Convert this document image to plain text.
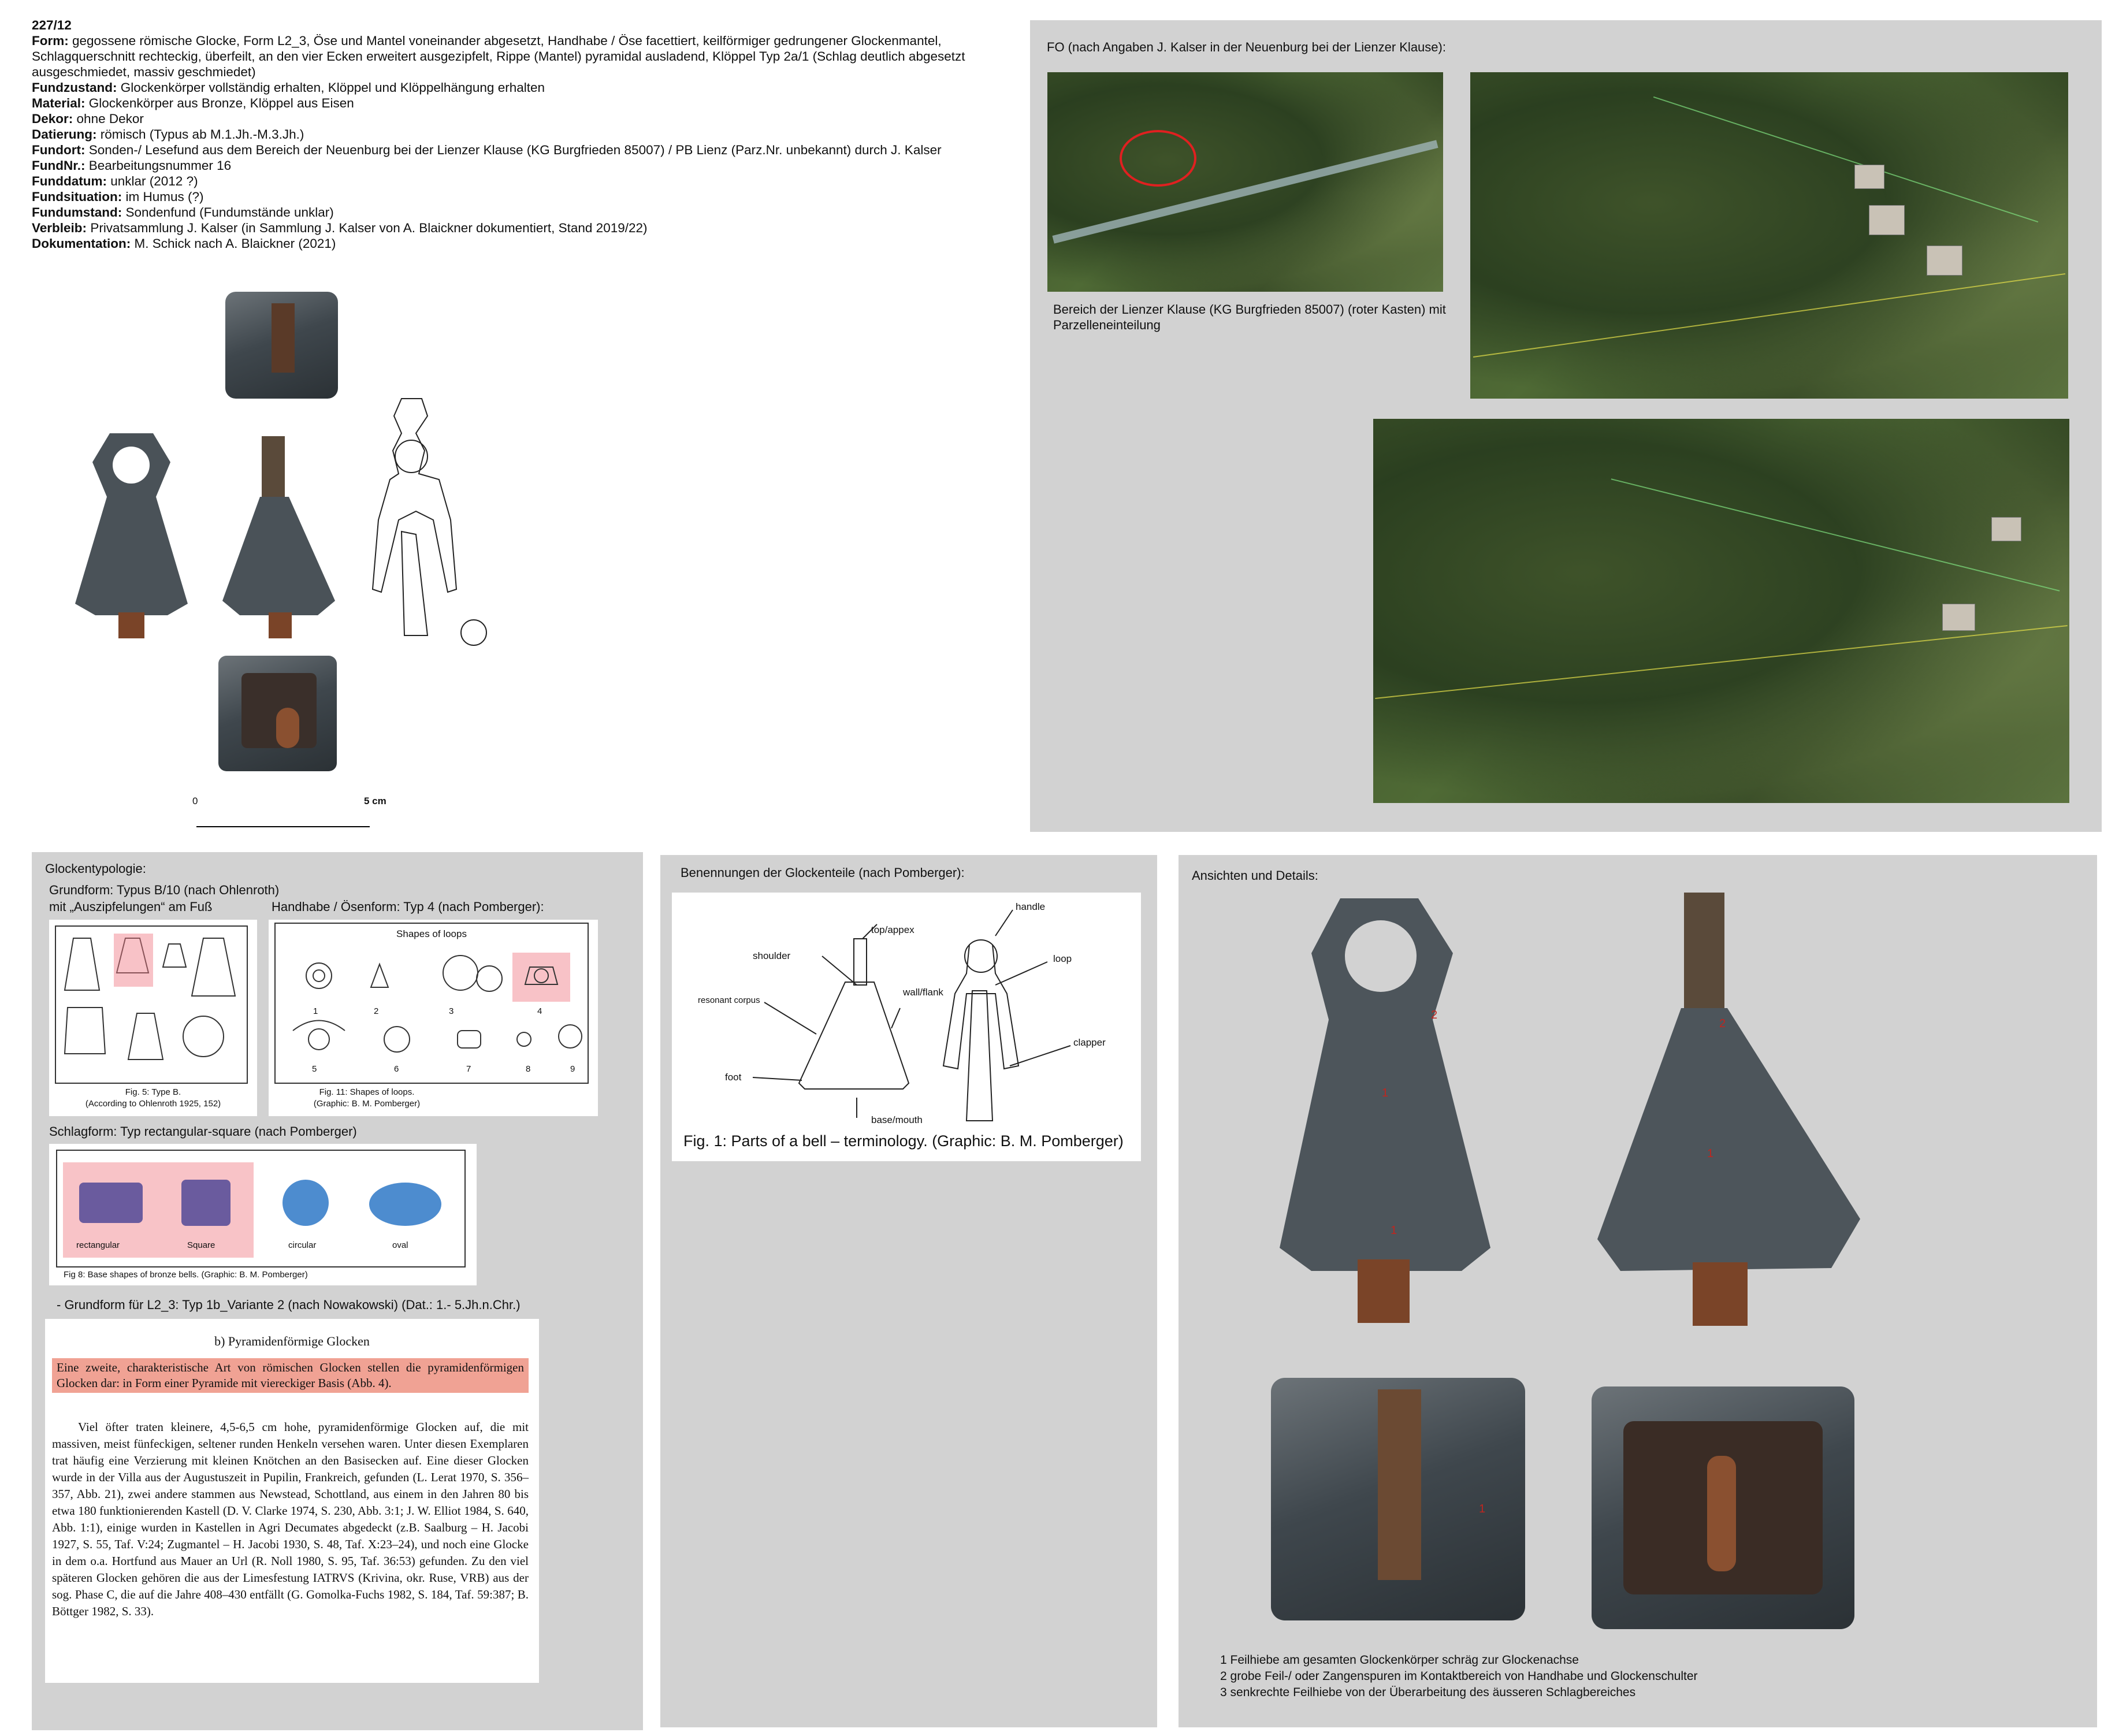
227/12
Form: gegossene römische Glocke, Form L2_3, Öse und Mantel voneinander abgesetzt, Handhabe / Öse facettiert, keilförmiger gedrungener Glockenmantel, Schlagquerschnitt rechteckig, überfeilt, an den vier Ecken erweitert ausgezipfelt, Rippe (Mantel) pyramidal ausladend, Klöppel Typ 2a/1 (Schlag deutlich abgesetzt ausgeschmiedet, massiv geschmiedet)
Fundzustand: Glockenkörper vollständig erhalten, Klöppel und Klöppelhängung erhalten
Material: Glockenkörper aus Bronze, Klöppel aus Eisen
Dekor: ohne Dekor
Datierung: römisch (Typus ab M.1.Jh.-M.3.Jh.)
Fundort: Sonden-/ Lesefund aus dem Bereich der Neuenburg bei der Lienzer Klause (KG Burgfrieden 85007) / PB Lienz (Parz.Nr. unbekannt) durch J. Kalser
FundNr.: Bearbeitungsnummer 16
Funddatum: unklar (2012 ?)
Fundsituation: im Humus (?)
Fundumstand: Sondenfund (Fundumstände unklar)
Verbleib: Privatsammlung J. Kalser (in Sammlung J. Kalser von A. Blaickner dokumentiert, Stand 2019/22)
Dokumentation: M. Schick nach A. Blaickner (2021)
0	5 cm
FO (nach Angaben J. Kalser in der Neuenburg bei der Lienzer Klause):
Bereich der Lienzer Klause (KG Burgfrieden 85007) (roter Kasten) mit Parzelleneinteilung
Glockentypologie:
Grundform: Typus B/10 (nach Ohlenroth)
mit „Auszipfelungen“ am Fuß	Handhabe / Ösenform: Typ 4 (nach Pomberger):
Fig. 5: Type B.
(According to Ohlenroth 1925, 152)
Shapes of loops
1	2	3	4
5	6	7	8	9
Fig. 11: Shapes of loops.
(Graphic: B. M. Pomberger)
Schlagform: Typ rectangular-square (nach Pomberger)
rectangular	Square	circular	oval
Fig 8: Base shapes of bronze bells. (Graphic: B. M. Pomberger)
- Grundform für L2_3: Typ 1b_Variante 2 (nach Nowakowski) (Dat.: 1.- 5.Jh.n.Chr.)
b) Pyramidenförmige Glocken
Eine zweite, charakteristische Art von römischen Glocken stellen die pyramidenförmigen Glocken dar: in Form einer Pyramide mit viereckiger Basis (Abb. 4).
Viel öfter traten kleinere, 4,5-6,5 cm hohe, pyramidenförmige Glocken auf, die mit massiven, meist fünfeckigen, seltener runden Henkeln versehen waren. Unter diesen Exemplaren trat häufig eine Verzierung mit kleinen Knötchen an den Basisecken auf. Eine dieser Glocken wurde in der Villa aus der Augustuszeit in Pupilin, Frankreich, gefunden (L. Lerat 1970, S. 356–357, Abb. 21), zwei andere stammen aus Newstead, Schottland, aus einem in den Jahren 80 bis etwa 180 funktionierenden Kastell (D. V. Clarke 1974, S. 230, Abb. 3:1; J. W. Elliot 1984, S. 640, Abb. 1:1), einige wurden in Kastellen in Agri Decumates abgedeckt (z.B. Saalburg – H. Jacobi 1927, S. 55, Taf. V:24; Zugmantel – H. Jacobi 1930, S. 48, Taf. X:23–24), und noch eine Glocke in dem o.a. Hortfund aus Mauer an Url (R. Noll 1980, S. 95, Taf. 36:53) gefunden. Zu den viel späteren Glocken gehören die aus der Limesfestung IATRVS (Krivina, okr. Ruse, VRB) aus der sog. Phase C, die auf die Jahre 408–430 entfällt (G. Gomolka-Fuchs 1982, S. 184, Taf. 59:387; B. Böttger 1982, S. 33).
Benennungen der Glockenteile (nach Pomberger):
top/appex
shoulder
resonant corpus
wall/flank
foot
base/mouth
handle
loop
clapper
Fig. 1: Parts of a bell – terminology. (Graphic: B. M. Pomberger)
Ansichten und Details:
2
1
1
2
1
1
1 Feilhiebe am gesamten Glockenkörper schräg zur Glockenachse
2 grobe Feil-/ oder Zangenspuren im Kontaktbereich von Handhabe und Glockenschulter
3 senkrechte Feilhiebe von der Überarbeitung des äusseren Schlagbereiches
